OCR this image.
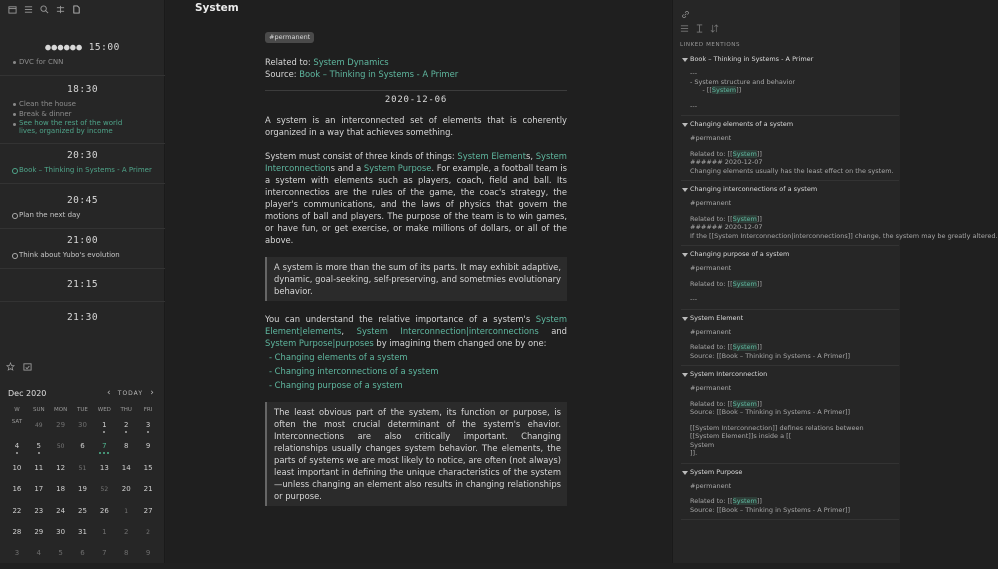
●●●●●● 15:00
DVC for CNN
18:30
Clean the house
Break & dinner
See how the rest of the world lives, organized by income
20:30
Book – Thinking in Systems - A Primer
20:45
Plan the next day
21:00
Think about Yubo's evolution
21:15
21:30
Dec 2020	‹	TODAY ›
W	SUN	MON	TUE	WED	THU	FRI
SAT	49	29	30	1	2	3
4	5	50	6	7	8	9
10	11	12	51	13	14	15
16	17	18	19	52	20	21
22	23	24	25	26	1	27
28	29	30	31	1	2	2
3	4	5	6	7	8	9
System
#permanent
Related to: System Dynamics
Source: Book – Thinking in Systems - A Primer
2020-12-06
A system is an interconnected set of elements that is coherently organized in a way that achieves something.
System must consist of three kinds of things: System Elements, System Interconnections and a System Purpose. For example, a football team is a system with elements such as players, coach, field and ball. Its interconnectios are the rules of the game, the coac's strategy, the player's communications, and the laws of physics that govern the motions of ball and players. The purpose of the team is to win games, or have fun, or get exercise, or make millions of dollars, or all of the above.
A system is more than the sum of its parts. It may exhibit adaptive, dynamic, goal-seeking, self-preserving, and sometmies evolutionary behavior.
You can understand the relative importance of a system's System Element|elements, System Interconnection|interconnections and System Purpose|purposes by imagining them changed one by one:
- Changing elements of a system
- Changing interconnections of a system
- Changing purpose of a system
The least obvious part of the system, its function or purpose, is often the most crucial determinant of the system's ehavior. Interconnections are also critically important. Changing relationships usually changes system behavior. The elements, the parts of systems we are most likely to notice, are often (not always) least important in defining the unique characteristics of the system—unless changing an element also results in changing relationships or purpose.
LINKED MENTIONS
Book – Thinking in Systems - A Primer
---
- System structure and behavior
- [[System]]
---
Changing elements of a system
#permanent
Related to: [[System]]
###### 2020-12-07
Changing elements usually has the least effect on the system.
Changing interconnections of a system
#permanent
Related to: [[System]]
###### 2020-12-07
If the [[System Interconnection|interconnections]] change, the system may be greatly altered.
Changing purpose of a system
#permanent
Related to: [[System]]
---
System Element
#permanent
Related to: [[System]]
Source: [[Book – Thinking in Systems - A Primer]]
System Interconnection
#permanent
Related to: [[System]]
Source: [[Book – Thinking in Systems - A Primer]]
[[System Interconnection]] defines relations between
[[System Element]]s inside a [[
System
]].
System Purpose
#permanent
Related to: [[System]]
Source: [[Book – Thinking in Systems - A Primer]]
